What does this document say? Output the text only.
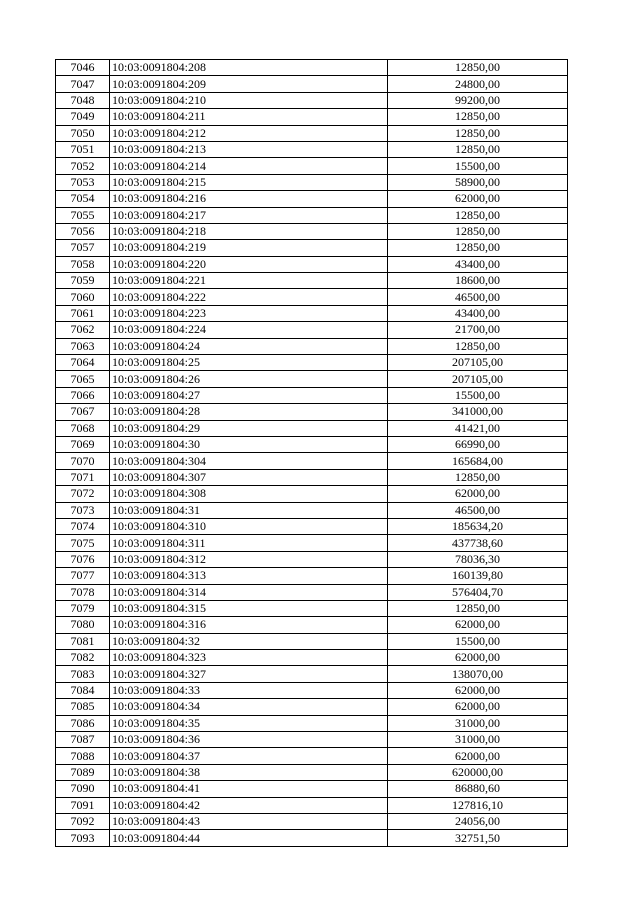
7046	10:03:0091804:208	12850,00
7047	10:03:0091804:209	24800,00
7048	10:03:0091804:210	99200,00
7049	10:03:0091804:211	12850,00
7050	10:03:0091804:212	12850,00
7051	10:03:0091804:213	12850,00
7052	10:03:0091804:214	15500,00
7053	10:03:0091804:215	58900,00
7054	10:03:0091804:216	62000,00
7055	10:03:0091804:217	12850,00
7056	10:03:0091804:218	12850,00
7057	10:03:0091804:219	12850,00
7058	10:03:0091804:220	43400,00
7059	10:03:0091804:221	18600,00
7060	10:03:0091804:222	46500,00
7061	10:03:0091804:223	43400,00
7062	10:03:0091804:224	21700,00
7063	10:03:0091804:24	12850,00
7064	10:03:0091804:25	207105,00
7065	10:03:0091804:26	207105,00
7066	10:03:0091804:27	15500,00
7067	10:03:0091804:28	341000,00
7068	10:03:0091804:29	41421,00
7069	10:03:0091804:30	66990,00
7070	10:03:0091804:304	165684,00
7071	10:03:0091804:307	12850,00
7072	10:03:0091804:308	62000,00
7073	10:03:0091804:31	46500,00
7074	10:03:0091804:310	185634,20
7075	10:03:0091804:311	437738,60
7076	10:03:0091804:312	78036,30
7077	10:03:0091804:313	160139,80
7078	10:03:0091804:314	576404,70
7079	10:03:0091804:315	12850,00
7080	10:03:0091804:316	62000,00
7081	10:03:0091804:32	15500,00
7082	10:03:0091804:323	62000,00
7083	10:03:0091804:327	138070,00
7084	10:03:0091804:33	62000,00
7085	10:03:0091804:34	62000,00
7086	10:03:0091804:35	31000,00
7087	10:03:0091804:36	31000,00
7088	10:03:0091804:37	62000,00
7089	10:03:0091804:38	620000,00
7090	10:03:0091804:41	86880,60
7091	10:03:0091804:42	127816,10
7092	10:03:0091804:43	24056,00
7093	10:03:0091804:44	32751,50
